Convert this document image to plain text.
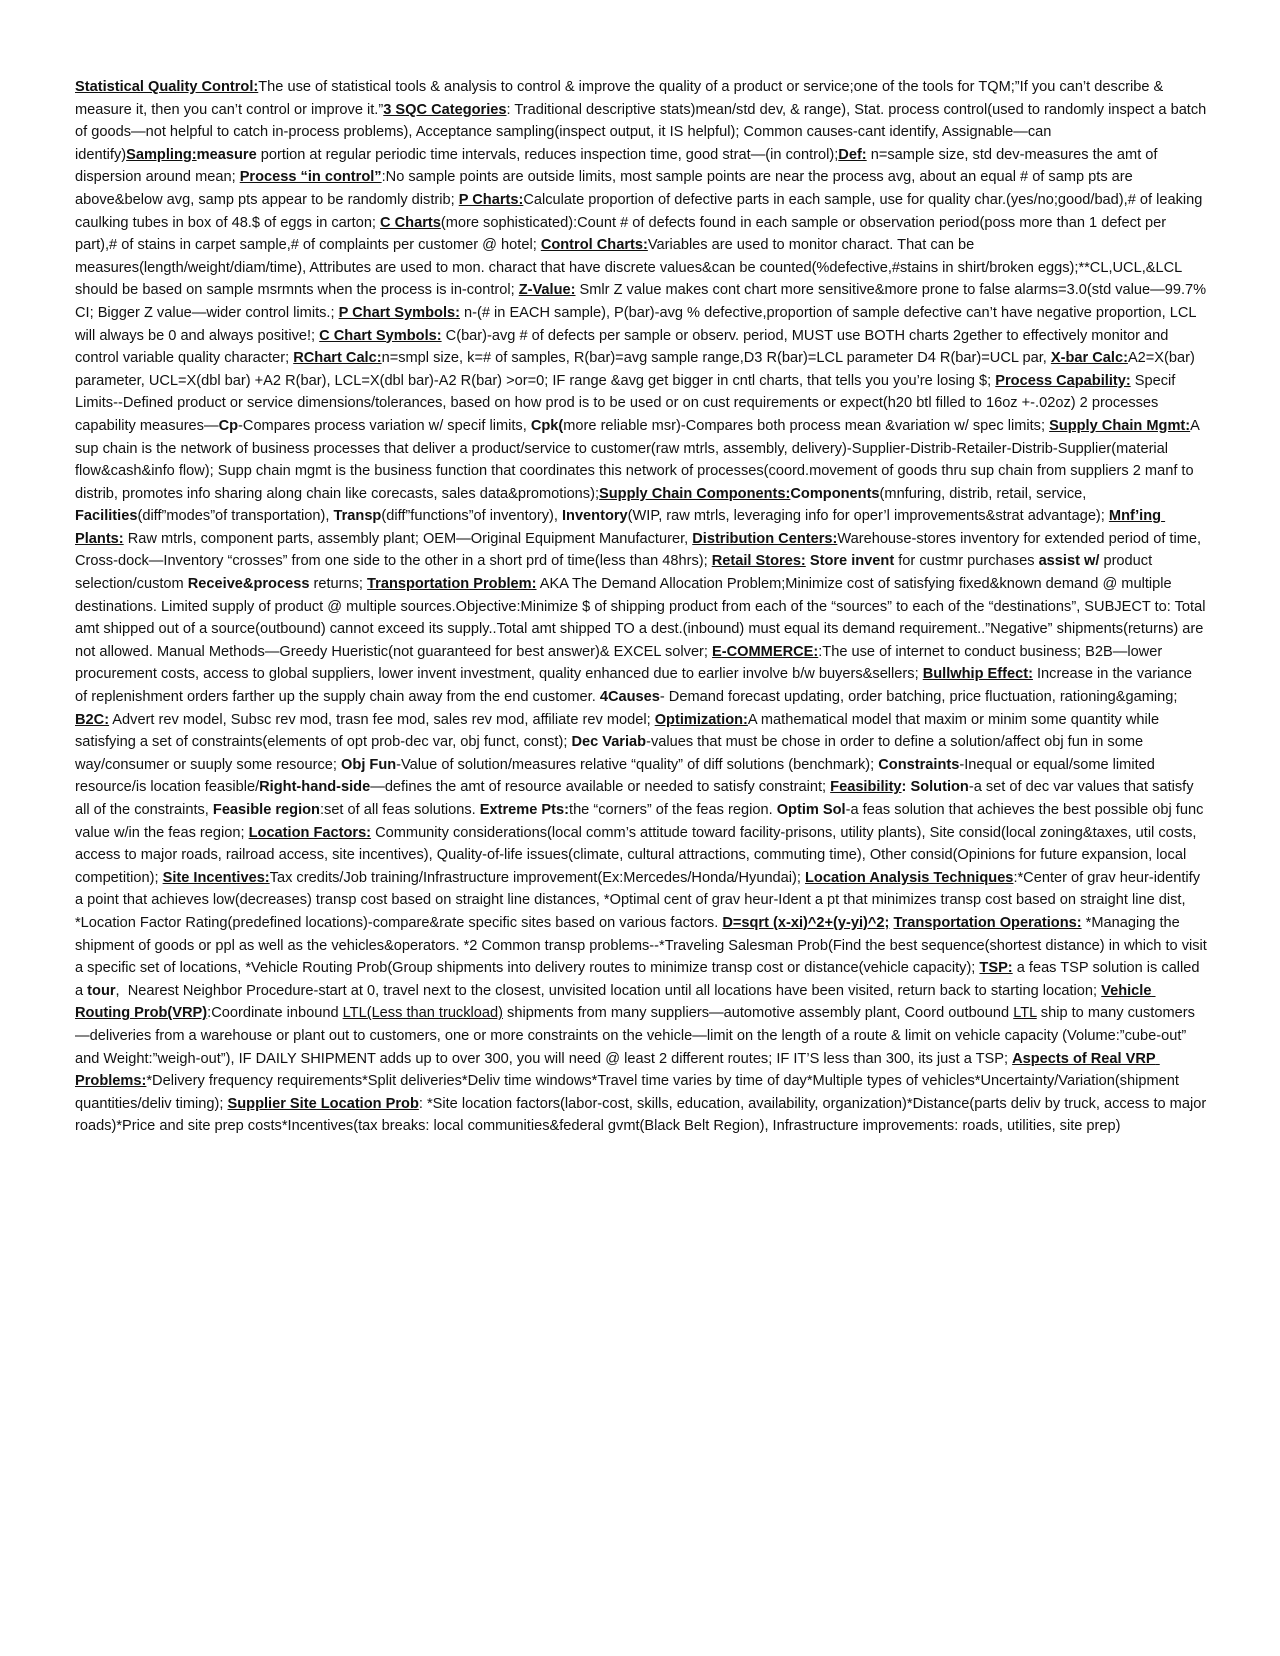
Statistical Quality Control:The use of statistical tools & analysis to control & improve the quality of a product or service;one of the tools for TQM;”If you can’t describe & measure it, then you can’t control or improve it.”3 SQC Categories: Traditional descriptive stats)mean/std dev, & range), Stat. process control(used to randomly inspect a batch of goods—not helpful to catch in-process problems), Acceptance sampling(inspect output, it IS helpful); Common causes-cant identify, Assignable—can identify)Sampling:measure portion at regular periodic time intervals, reduces inspection time, good strat—(in control);Def: n=sample size, std dev-measures the amt of dispersion around mean; Process “in control”:No sample points are outside limits, most sample points are near the process avg, about an equal # of samp pts are above&below avg, samp pts appear to be randomly distrib; P Charts:Calculate proportion of defective parts in each sample, use for quality char.(yes/no;good/bad),# of leaking caulking tubes in box of 48.$ of eggs in carton; C Charts(more sophisticated):Count # of defects found in each sample or observation period(poss more than 1 defect per part),# of stains in carpet sample,# of complaints per customer @ hotel; Control Charts:Variables are used to monitor charact. That can be measures(length/weight/diam/time), Attributes are used to mon. charact that have discrete values&can be counted(%defective,#stains in shirt/broken eggs);**CL,UCL,&LCL should be based on sample msrmnts when the process is in-control; Z-Value: Smlr Z value makes cont chart more sensitive&more prone to false alarms=3.0(std value—99.7% CI; Bigger Z value—wider control limits.; P Chart Symbols: n-(# in EACH sample), P(bar)-avg % defective,proportion of sample defective can’t have negative proportion, LCL will always be 0 and always positive!; C Chart Symbols: C(bar)-avg # of defects per sample or observ. period, MUST use BOTH charts 2gether to effectively monitor and control variable quality character; RChart Calc:n=smpl size, k=# of samples, R(bar)=avg sample range,D3 R(bar)=LCL parameter D4 R(bar)=UCL par, X-bar Calc:A2=X(bar) parameter, UCL=X(dbl bar) +A2 R(bar), LCL=X(dbl bar)-A2 R(bar) >or=0; IF range &avg get bigger in cntl charts, that tells you you’re losing $; Process Capability: Specif Limits--Defined product or service dimensions/tolerances, based on how prod is to be used or on cust requirements or expect(h20 btl filled to 16oz +-.02oz) 2 processes capability measures—Cp-Compares process variation w/ specif limits, Cpk(more reliable msr)-Compares both process mean &variation w/ spec limits; Supply Chain Mgmt:A sup chain is the network of business processes that deliver a product/service to customer(raw mtrls, assembly, delivery)-Supplier-Distrib-Retailer-Distrib-Supplier(material flow&cash&info flow); Supp chain mgmt is the business function that coordinates this network of processes(coord.movement of goods thru sup chain from suppliers 2 manf to distrib, promotes info sharing along chain like corecasts, sales data&promotions);Supply Chain Components:Components(mnfuring, distrib, retail, service, Facilities(diff”modes”of transportation), Transp(diff”functions”of inventory), Inventory(WIP, raw mtrls, leveraging info for oper’l improvements&strat advantage); Mnf’ing Plants: Raw mtrls, component parts, assembly plant; OEM—Original Equipment Manufacturer, Distribution Centers:Warehouse-stores inventory for extended period of time, Cross-dock—Inventory “crosses” from one side to the other in a short prd of time(less than 48hrs); Retail Stores: Store invent for custmr purchases assist w/ product selection/custom Receive&process returns; Transportation Problem: AKA The Demand Allocation Problem;Minimize cost of satisfying fixed&known demand @ multiple destinations. Limited supply of product @ multiple sources.Objective:Minimize $ of shipping product from each of the “sources” to each of the “destinations”, SUBJECT to: Total amt shipped out of a source(outbound) cannot exceed its supply..Total amt shipped TO a dest.(inbound) must equal its demand requirement..”Negative” shipments(returns) are not allowed. Manual Methods—Greedy Hueristic(not guaranteed for best answer)& EXCEL solver; E-COMMERCE::The use of internet to conduct business; B2B—lower procurement costs, access to global suppliers, lower invent investment, quality enhanced due to earlier involve b/w buyers&sellers; Bullwhip Effect: Increase in the variance of replenishment orders farther up the supply chain away from the end customer. 4Causes- Demand forecast updating, order batching, price fluctuation, rationing&gaming; B2C: Advert rev model, Subsc rev mod, trasn fee mod, sales rev mod, affiliate rev model; Optimization:A mathematical model that maxim or minim some quantity while satisfying a set of constraints(elements of opt prob-dec var, obj funct, const); Dec Variab-values that must be chose in order to define a solution/affect obj fun in some way/consumer or suuply some resource; Obj Fun-Value of solution/measures relative “quality” of diff solutions (benchmark); Constraints-Inequal or equal/some limited resource/is location feasible/Right-hand-side—defines the amt of resource available or needed to satisfy constraint; Feasibility: Solution-a set of dec var values that satisfy all of the constraints, Feasible region:set of all feas solutions. Extreme Pts:the “corners” of the feas region. Optim Sol-a feas solution that achieves the best possible obj func value w/in the feas region; Location Factors: Community considerations(local comm’s attitude toward facility-prisons, utility plants), Site consid(local zoning&taxes, util costs, access to major roads, railroad access, site incentives), Quality-of-life issues(climate, cultural attractions, commuting time), Other consid(Opinions for future expansion, local competition); Site Incentives:Tax credits/Job training/Infrastructure improvement(Ex:Mercedes/Honda/Hyundai); Location Analysis Techniques:*Center of grav heur-identify a point that achieves low(decreases) transp cost based on straight line distances, *Optimal cent of grav heur-Ident a pt that minimizes transp cost based on straight line dist, *Location Factor Rating(predefined locations)-compare&rate specific sites based on various factors. D=sqrt (x-xi)^2+(y-yi)^2; Transportation Operations: *Managing the shipment of goods or ppl as well as the vehicles&operators. *2 Common transp problems--*Traveling Salesman Prob(Find the best sequence(shortest distance) in which to visit a specific set of locations, *Vehicle Routing Prob(Group shipments into delivery routes to minimize transp cost or distance(vehicle capacity); TSP: a feas TSP solution is called a tour,  Nearest Neighbor Procedure-start at 0, travel next to the closest, unvisited location until all locations have been visited, return back to starting location; Vehicle Routing Prob(VRP):Coordinate inbound LTL(Less than truckload) shipments from many suppliers—automotive assembly plant, Coord outbound LTL ship to many customers—deliveries from a warehouse or plant out to customers, one or more constraints on the vehicle—limit on the length of a route & limit on vehicle capacity (Volume:”cube-out” and Weight:”weigh-out”), IF DAILY SHIPMENT adds up to over 300, you will need @ least 2 different routes; IF IT’S less than 300, its just a TSP; Aspects of Real VRP Problems:*Delivery frequency requirements*Split deliveries*Deliv time windows*Travel time varies by time of day*Multiple types of vehicles*Uncertainty/Variation(shipment quantities/deliv timing); Supplier Site Location Prob: *Site location factors(labor-cost, skills, education, availability, organization)*Distance(parts deliv by truck, access to major roads)*Price and site prep costs*Incentives(tax breaks: local communities&federal gvmt(Black Belt Region), Infrastructure improvements: roads, utilities, site prep)
